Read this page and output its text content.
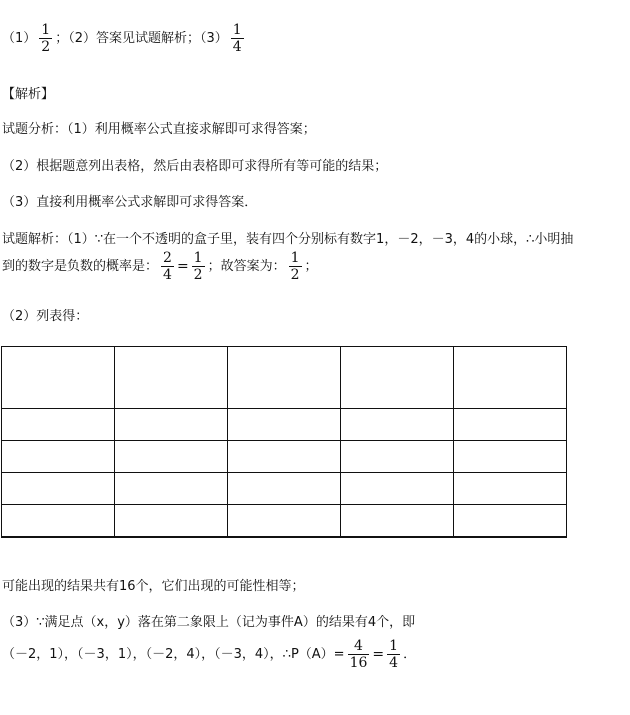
$(1) \frac{1}{2}$ ；（2）答案见试题解析；$(3) \frac{1}{4}$
【解析】
试题分析：（1）利用概率公式直接求解即可求得答案；
（2）根据题意列出表格，然后由表格即可求得所有等可能的结果；
（3）直接利用概率公式求解即可求得答案．
试题解析：（1）∵在一个不透明的盒子里，装有四个分别标有数字1，－2，－3，4的小球，∴小明抽
到的数字是负数的概率是： $\frac{2}{4} = \frac{1}{2}$ ；故答案为： $\frac{1}{2}$ ；
（2）列表得：

可能出现的结果共有16个，它们出现的可能性相等；
（3）∵满足点（x，y）落在第二象限上（记为事件A）的结果有4个，即
（－2，1），（－3，1），（－2，4），（－3，4），∴P（A）= $\frac{4}{16} = \frac{1}{4}$ ．
